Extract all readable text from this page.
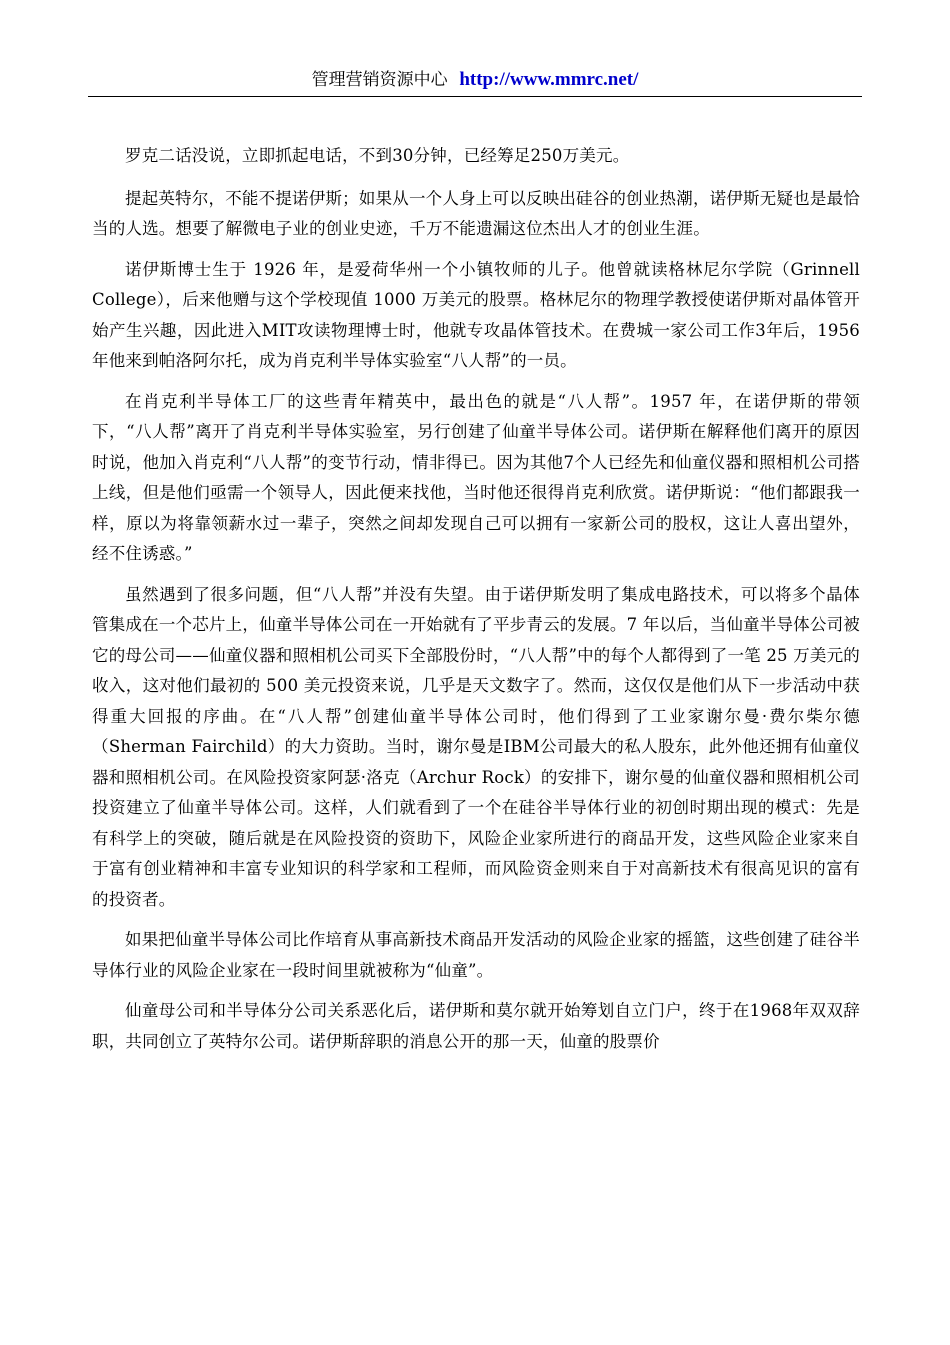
管理营销资源中心 http://www.mmrc.net/

罗克二话没说，立即抓起电话，不到30分钟，已经筹足250万美元。

提起英特尔，不能不提诺伊斯；如果从一个人身上可以反映出硅谷的创业热潮，诺伊斯无疑也是最恰当的人选。想要了解微电子业的创业史迹，千万不能遗漏这位杰出人才的创业生涯。

诺伊斯博士生于 1926 年，是爱荷华州一个小镇牧师的儿子。他曾就读格林尼尔学院（Grinnell College），后来他赠与这个学校现值 1000 万美元的股票。格林尼尔的物理学教授使诺伊斯对晶体管开始产生兴趣，因此进入MIT攻读物理博士时，他就专攻晶体管技术。在费城一家公司工作3年后，1956年他来到帕洛阿尔托，成为肖克利半导体实验室“八人帮”的一员。

在肖克利半导体工厂的这些青年精英中，最出色的就是“八人帮”。1957 年，在诺伊斯的带领下，“八人帮”离开了肖克利半导体实验室，另行创建了仙童半导体公司。诺伊斯在解释他们离开的原因时说，他加入肖克利“八人帮”的变节行动，情非得已。因为其他7个人已经先和仙童仪器和照相机公司搭上线，但是他们亟需一个领导人，因此便来找他，当时他还很得肖克利欣赏。诺伊斯说：“他们都跟我一样，原以为将靠领薪水过一辈子，突然之间却发现自己可以拥有一家新公司的股权，这让人喜出望外，经不住诱惑。”

虽然遇到了很多问题，但“八人帮”并没有失望。由于诺伊斯发明了集成电路技术，可以将多个晶体管集成在一个芯片上，仙童半导体公司在一开始就有了平步青云的发展。7 年以后，当仙童半导体公司被它的母公司——仙童仪器和照相机公司买下全部股份时，“八人帮”中的每个人都得到了一笔 25 万美元的收入，这对他们最初的 500 美元投资来说，几乎是天文数字了。然而，这仅仅是他们从下一步活动中获得重大回报的序曲。在“八人帮”创建仙童半导体公司时，他们得到了工业家谢尔曼·费尔柴尔德（Sherman Fairchild）的大力资助。当时，谢尔曼是IBM公司最大的私人股东，此外他还拥有仙童仪器和照相机公司。在风险投资家阿瑟·洛克（Archur Rock）的安排下，谢尔曼的仙童仪器和照相机公司投资建立了仙童半导体公司。这样，人们就看到了一个在硅谷半导体行业的初创时期出现的模式：先是有科学上的突破，随后就是在风险投资的资助下，风险企业家所进行的商品开发，这些风险企业家来自于富有创业精神和丰富专业知识的科学家和工程师，而风险资金则来自于对高新技术有很高见识的富有的投资者。

如果把仙童半导体公司比作培育从事高新技术商品开发活动的风险企业家的摇篮，这些创建了硅谷半导体行业的风险企业家在一段时间里就被称为“仙童”。

仙童母公司和半导体分公司关系恶化后，诺伊斯和莫尔就开始筹划自立门户，终于在1968年双双辞职，共同创立了英特尔公司。诺伊斯辞职的消息公开的那一天，仙童的股票价
